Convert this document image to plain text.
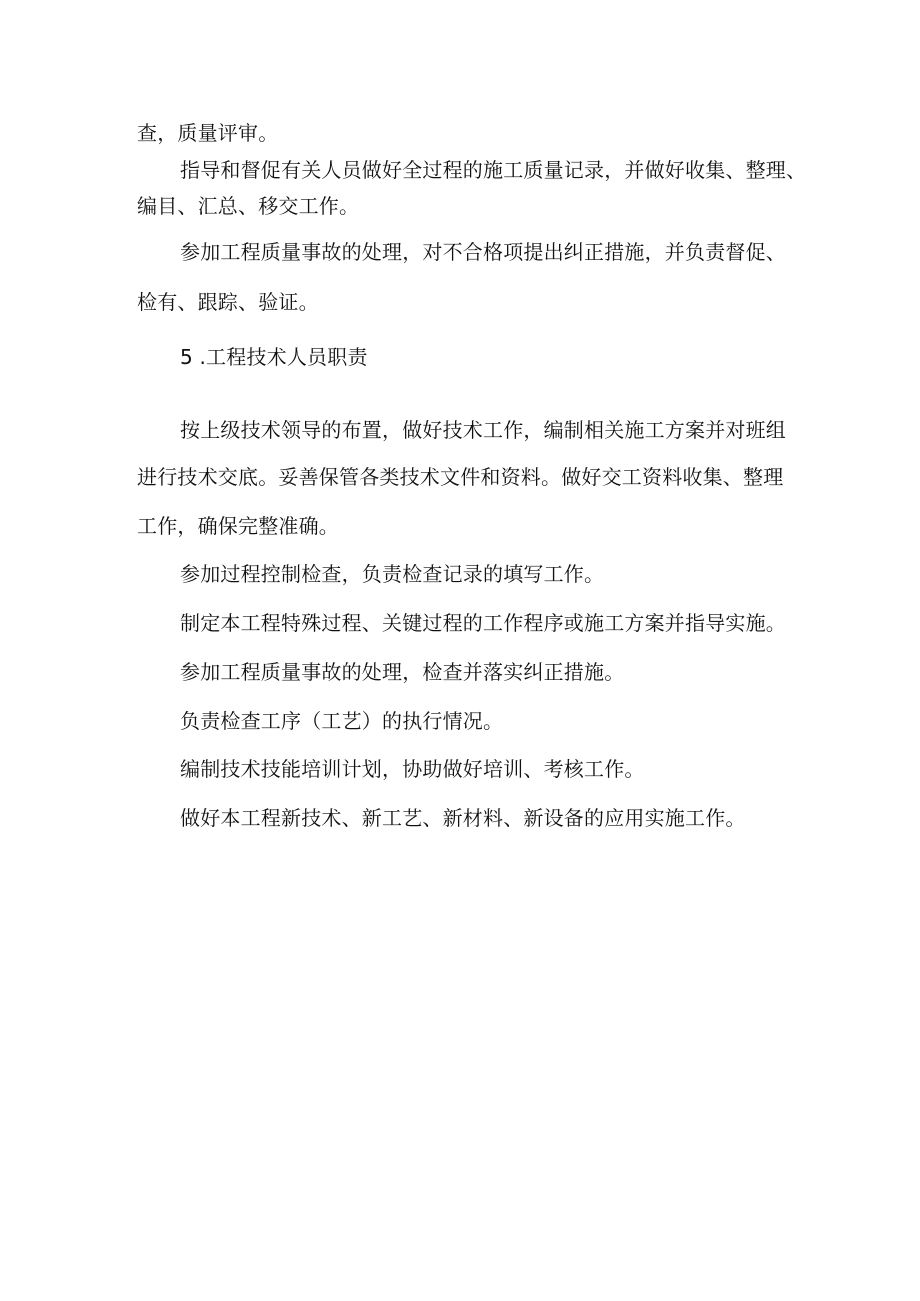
查，质量评审。
指导和督促有关人员做好全过程的施工质量记录，并做好收集、整理、
编目、汇总、移交工作。
参加工程质量事故的处理，对不合格项提出纠正措施，并负责督促、
检有、跟踪、验证。
5 .工程技术人员职责
按上级技术领导的布置，做好技术工作，编制相关施工方案并对班组
进行技术交底。妥善保管各类技术文件和资料。做好交工资料收集、整理
工作，确保完整准确。
参加过程控制检查，负责检查记录的填写工作。
制定本工程特殊过程、关键过程的工作程序或施工方案并指导实施。
参加工程质量事故的处理，检查并落实纠正措施。
负责检查工序（工艺）的执行情况。
编制技术技能培训计划，协助做好培训、考核工作。
做好本工程新技术、新工艺、新材料、新设备的应用实施工作。
